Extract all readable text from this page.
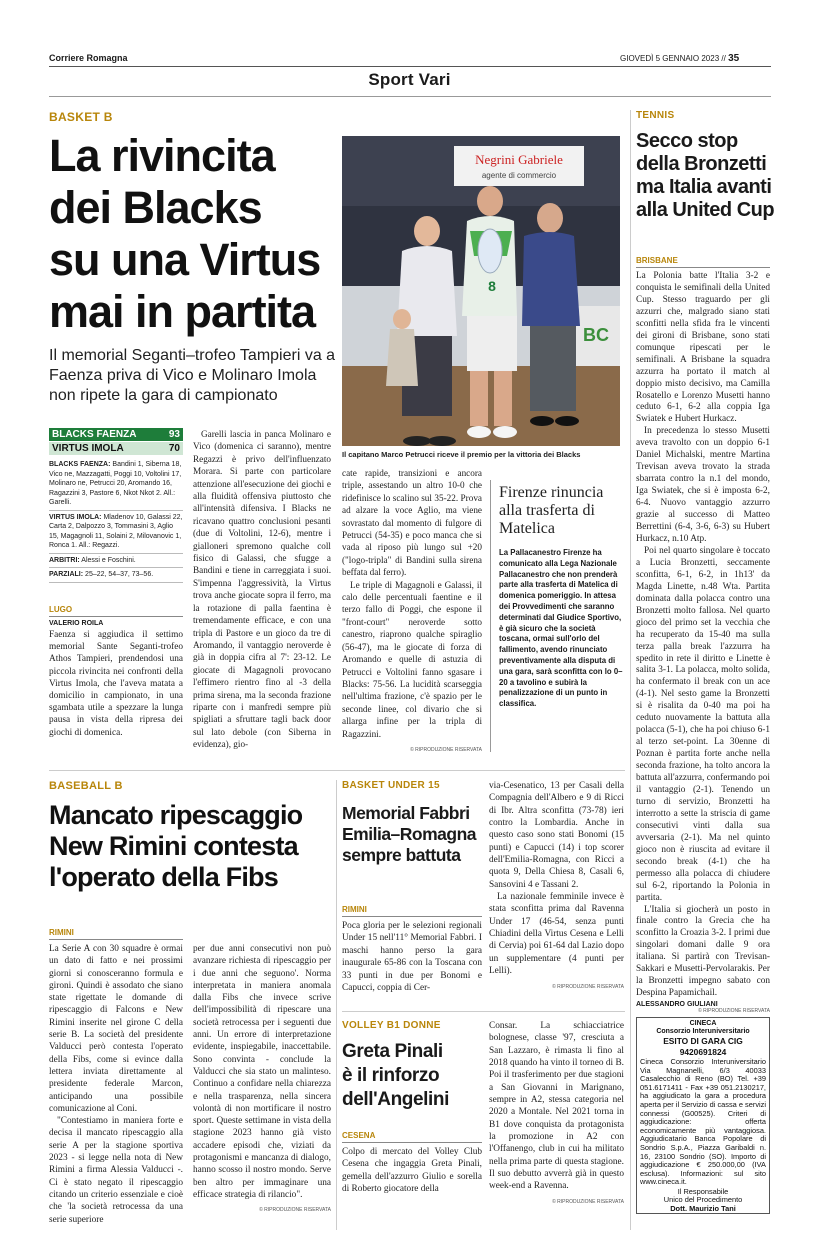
Corriere Romagna	GIOVEDÌ 5 GENNAIO 2023 // 35
Sport Vari
BASKET B
La rivincita
dei Blacks
su una Virtus
mai in partita
Il memorial Seganti–trofeo Tampieri va a Faenza priva di Vico e Molinaro Imola non ripete la gara di campionato
BLACKS FAENZA	93
VIRTUS IMOLA	70
BLACKS FAENZA: Bandini 1, Siberna 18, Vico ne, Mazzagatti, Poggi 10, Voltolini 17, Molinaro ne, Petrucci 20, Aromando 16, Ragazzini 3, Pastore 6, Nkot Nkot 2. All.: Garelli.
VIRTUS IMOLA: Mladenov 10, Galassi 22, Carta 2, Dalpozzo 3, Tommasini 3, Aglio 15, Magagnoli 11, Solaini 2, Milovanovic 1, Ronca 1. All.: Regazzi.
ARBITRI: Alessi e Foschini.
PARZIALI: 25–22, 54–37, 73–56.
LUGO
VALERIO ROILA

Faenza si aggiudica il settimo memorial Sante Seganti-trofeo Athos Tampieri, prendendosi una piccola rivincita nei confronti della Virtus Imola, che l'aveva matata a domicilio in campionato, in una sgambata utile a spezzare la lunga pausa in vista della ripresa dei giochi di domenica.

Garelli lascia in panca Molinaro e Vico (domenica ci saranno), mentre Regazzi è privo dell'influenzato Morara. Si parte con particolare attenzione all'esecuzione dei giochi e alla fluidità offensiva piuttosto che all'intensità difensiva. I Blacks ne ricavano quattro conclusioni pesanti (due di Voltolini, 12-6), mentre i gialloneri spremono qualche coll fisico di Galassi, che sfugge a Bandini e tiene in carreggiata i suoi. S'impenna l'aggressività, la Virtus trova anche giocate sopra il ferro, ma la rotazione di palla faentina è tremendamente efficace, e con una tripla di Pastore e un gioco da tre di Aromando, il vantaggio neroverde è già in doppia cifra al 7': 23-12. Le giocate di Magagnoli provocano l'effimero rientro fino al -3 della prima sirena, ma la seconda frazione riparte con i manfredi sempre più spigliati a sfruttare tagli back door sul lato debole (con Siberna in evidenza), gio-

Negrini Gabriele
agente di commercio
BC
8
Il capitano Marco Petrucci riceve il premio per la vittoria dei Blacks

cate rapide, transizioni e ancora triple, assestando un altro 10-0 che ridefinisce lo scalino sul 35-22. Prova ad alzare la voce Aglio, ma viene sovrastato dal momento di fulgore di Petrucci (54-35) e poco manca che si vada al riposo più lungo sul +20 ("logo-tripla" di Bandini sulla sirena beffata dal ferro).

Le triple di Magagnoli e Galassi, il calo delle percentuali faentine e il terzo fallo di Poggi, che espone il "front-court" neroverde sotto canestro, riaprono qualche spiraglio (56-47), ma le giocate di forza di Aromando e quelle di astuzia di Petrucci e Voltolini fanno sgasare i Blacks: 75-56. La lucidità scarseggia nell'ultima frazione, c'è spazio per le seconde linee, col divario che si allarga infine per la tripla di Ragazzini.

© RIPRODUZIONE RISERVATA
Firenze rinuncia alla trasferta di Matelica
La Pallacanestro Firenze ha comunicato alla Lega Nazionale Pallacanestro che non prenderà parte alla trasferta di Matelica di domenica pomeriggio. In attesa dei Provvedimenti che saranno determinati dal Giudice Sportivo, è già sicuro che la società toscana, ormai sull'orlo del fallimento, avendo rinunciato preventivamente alla disputa di una gara, sarà sconfitta con lo 0–20 a tavolino e subirà la penalizzazione di un punto in classifica.
TENNIS
Secco stop
della Bronzetti
ma Italia avanti
alla United Cup
BRISBANE

La Polonia batte l'Italia 3-2 e conquista le semifinali della United Cup. Stesso traguardo per gli azzurri che, malgrado siano stati sconfitti nella sfida fra le vincenti dei gironi di Brisbane, sono stati comunque ripescati per le semifinali. A Brisbane la squadra azzurra ha portato il match al doppio misto decisivo, ma Camilla Rosatello e Lorenzo Musetti hanno ceduto 6-1, 6-2 alla coppia Iga Swiatek e Hubert Hurkacz.

In precedenza lo stesso Musetti aveva travolto con un doppio 6-1 Daniel Michalski, mentre Martina Trevisan aveva trovato la strada sbarrata contro la n.1 del mondo, Iga Swiatek, che si è imposta 6-2, 6-4. Nuovo vantaggio azzurro grazie al successo di Matteo Berrettini (6-4, 3-6, 6-3) su Hubert Hurkacz, n.10 Atp.

Poi nel quarto singolare è toccato a Lucia Bronzetti, seccamente sconfitta, 6-1, 6-2, in 1h13' da Magda Linette, n.48 Wta. Partita dominata dalla polacca contro una Bronzetti molto fallosa. Nel quarto gioco del primo set la vecchia che ha recuperato da 15-40 ma sulla terza palla break l'azzurra ha spedito in rete il diritto e Linette è salita 3-1. La polacca, molto solida, ha confermato il break con un ace (4-1). Nel sesto game la Bronzetti si è risalita da 0-40 ma poi ha ceduto nuovamente la battuta alla polacca (5-1), che ha poi chiuso 6-1 al terzo set-point. La 30enne di Poznan è partita forte anche nella seconda frazione, ha tolto ancora la battuta all'azzurra, confermando poi il vantaggio (2-1). Tenendo un turno di servizio, Bronzetti ha interrotto a sette la striscia di game consecutivi vinti dalla sua avversaria (2-1). Ma nel quinto gioco non è riuscita ad evitare il secondo break (4-1) che ha permesso alla polacca di chiudere sul 6-2, riportando la Polonia in partita.

L'Italia si giocherà un posto in finale contro la Grecia che ha sconfitto la Croazia 3-2. I primi due singolari domani dalle 9 ora italiana. Si partirà con Trevisan-Sakkari e Musetti-Pervolarakis. Per la Bronzetti impegno sabato con Despina Papamichail.

ALESSANDRO GIULIANI
© RIPRODUZIONE RISERVATA
CINECA
Consorzio Interuniversitario
ESITO DI GARA CIG 9420691824
Cineca Consorzio Interuniversitario Via Magnanelli, 6/3 40033 Casalecchio di Reno (BO) Tel. +39 051.6171411 - Fax +39 051.2130217, ha aggiudicato la gara a procedura aperta per il Servizio di cassa e servizi connessi (G00525). Criteri di aggiudicazione: offerta economicamente più vantaggiosa. Aggiudicatario Banca Popolare di Sondrio S.p.A., Piazza Garibaldi n. 16, 23100 Sondrio (SO). Importo di aggiudicazione € 250.000,00 (IVA esclusa). Informazioni: sul sito www.cineca.it.
Il Responsabile
Unico del Procedimento
Dott. Maurizio Tani
BASEBALL B
Mancato ripescaggio
New Rimini contesta
l'operato della Fibs
RIMINI

La Serie A con 30 squadre è ormai un dato di fatto e nei prossimi giorni si conosceranno formula e gironi. Quindi è assodato che siano state rigettate le domande di ripescaggio di Falcons e New Rimini inserite nel girone C della serie B. La società del presidente Valducci però contesta l'operato della Fibs, come si evince dalla lettera inviata direttamente al presidente federale Marcon, anticipando una possibile comunicazione al Coni.

"Contestiamo in maniera forte e decisa il mancato ripescaggio alla serie A per la stagione sportiva 2023 - si legge nella nota di New Rimini a firma Alessia Valducci -. Ci è stato negato il ripescaggio citando un criterio essenziale e cioè che 'la società retrocessa da una serie superiore

per due anni consecutivi non può avanzare richiesta di ripescaggio per i due anni che seguono'. Norma interpretata in maniera anomala dalla Fibs che invece scrive dell'impossibilità di ripescare una società retrocessa per i seguenti due anni. Un errore di interpretazione evidente, inspiegabile, inaccettabile. Sono convinta - conclude la Valducci che sia stato un malinteso. Continuo a confidare nella chiarezza e nella trasparenza, nella sincera volontà di non mortificare il nostro sport. Queste settimane in vista della stagione 2023 hanno già visto accadere episodi che, viziati da protagonismi e mancanza di dialogo, hanno scosso il nostro mondo. Serve ben altro per immaginare una efficace strategia di rilancio".

© RIPRODUZIONE RISERVATA
BASKET UNDER 15
Memorial Fabbri
Emilia–Romagna
sempre battuta
RIMINI

Poca gloria per le selezioni regionali Under 15 nell'11° Memorial Fabbri. I maschi hanno perso la gara inaugurale 65-86 con la Toscana con 33 punti in due per Bonomi e Capucci, coppia di Cer-

via-Cesenatico, 13 per Casali della Compagnia dell'Albero e 9 di Ricci di Ibr. Altra sconfitta (73-78) ieri contro la Lombardia. Anche in questo caso sono stati Bonomi (15 punti) e Capucci (14) i top scorer dell'Emilia-Romagna, con Ricci a quota 9, Della Chiesa 8, Casali 6, Sansovini 4 e Tassani 2.

La nazionale femminile invece è stata sconfitta prima dal Ravenna Under 17 (46-54, senza punti Chiadini della Virtus Cesena e Lelli di Cervia) poi 61-64 dal Lazio dopo un supplementare (4 punti per Lelli).

© RIPRODUZIONE RISERVATA
VOLLEY B1 DONNE
Greta Pinali
è il rinforzo
dell'Angelini
CESENA

Colpo di mercato del Volley Club Cesena che ingaggia Greta Pinali, gemella dell'azzurro Giulio e sorella di Roberto giocatore della

Consar. La schiacciatrice bolognese, classe '97, cresciuta a San Lazzaro, è rimasta li fino al 2018 quando ha vinto il torneo di B. Poi il trasferimento per due stagioni a San Giovanni in Marignano, sempre in A2, stessa categoria nel 2020 a Montale. Nel 2021 torna in B1 dove conquista da protagonista la promozione in A2 con l'Offanengo, club in cui ha militato nella prima parte di questa stagione. Il suo debutto avverrà già in questo week-end a Ravenna.

© RIPRODUZIONE RISERVATA
